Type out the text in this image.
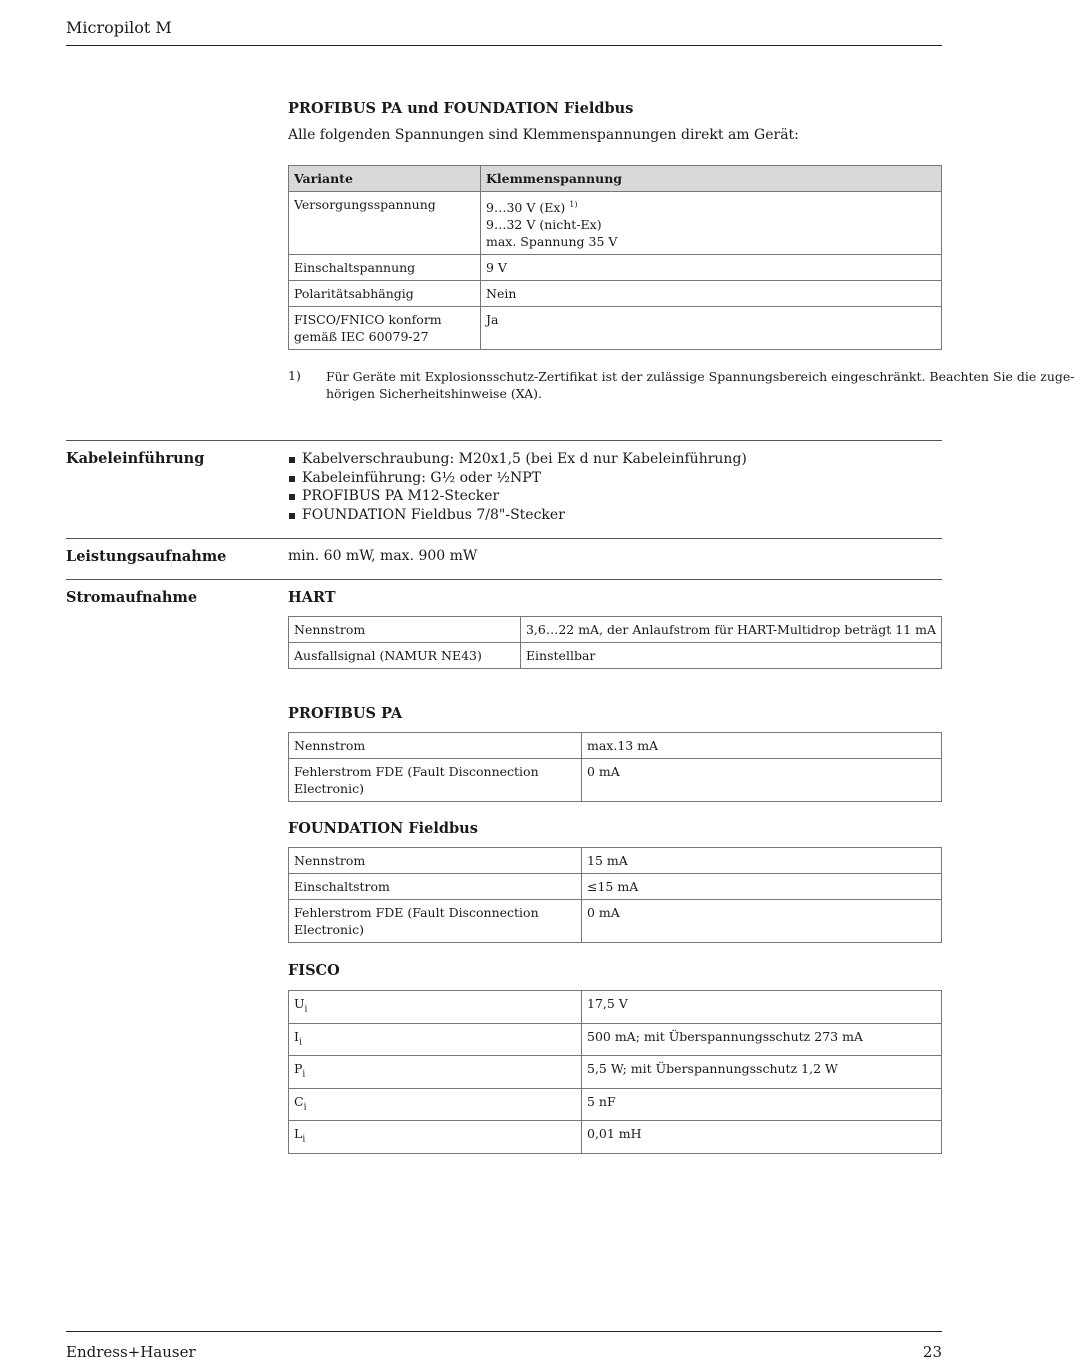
Micropilot M
PROFIBUS PA und FOUNDATION Fieldbus
Alle folgenden Spannungen sind Klemmenspannungen direkt am Gerät:
Variante	Klemmenspannung
Versorgungsspannung	9…30 V (Ex) $^{1)}$
9…32 V (nicht-Ex)
max. Spannung 35 V

Einschaltspannung	9 V
Polaritätsabhängig	Nein

FISCO/FNICO konform
gemäß IEC 60079-27	Ja
1) Für Geräte mit Explosionsschutz-Zertifikat ist der zulässige Spannungsbereich eingeschränkt. Beachten Sie die zuge-
hörigen Sicherheitshinweise (XA).
Kabeleinführung	Kabelverschraubung: M20x1,5 (bei Ex d nur Kabeleinführung)
Kabeleinführung: G½ oder ½NPT
PROFIBUS PA M12-Stecker
FOUNDATION Fieldbus 7/8"-Stecker
Leistungsaufnahme	min. 60 mW, max. 900 mW
Stromaufnahme	HART
Nennstrom	3,6…22 mA, der Anlaufstrom für HART-Multidrop beträgt 11 mA
Ausfallsignal (NAMUR NE43)	Einstellbar
PROFIBUS PA
Nennstrom	max.13 mA
Fehlerstrom FDE (Fault Disconnection Electronic)	0 mA
FOUNDATION Fieldbus
Nennstrom	15 mA
Einschaltstrom	≤15 mA
Fehlerstrom FDE (Fault Disconnection Electronic)	0 mA
FISCO
$U_i$	17,5 V
$I_i$	500 mA; mit Überspannungsschutz 273 mA
$P_i$	5,5 W; mit Überspannungsschutz 1,2 W
$C_i$	5 nF
$L_i$	0,01 mH
Endress+Hauser	23
